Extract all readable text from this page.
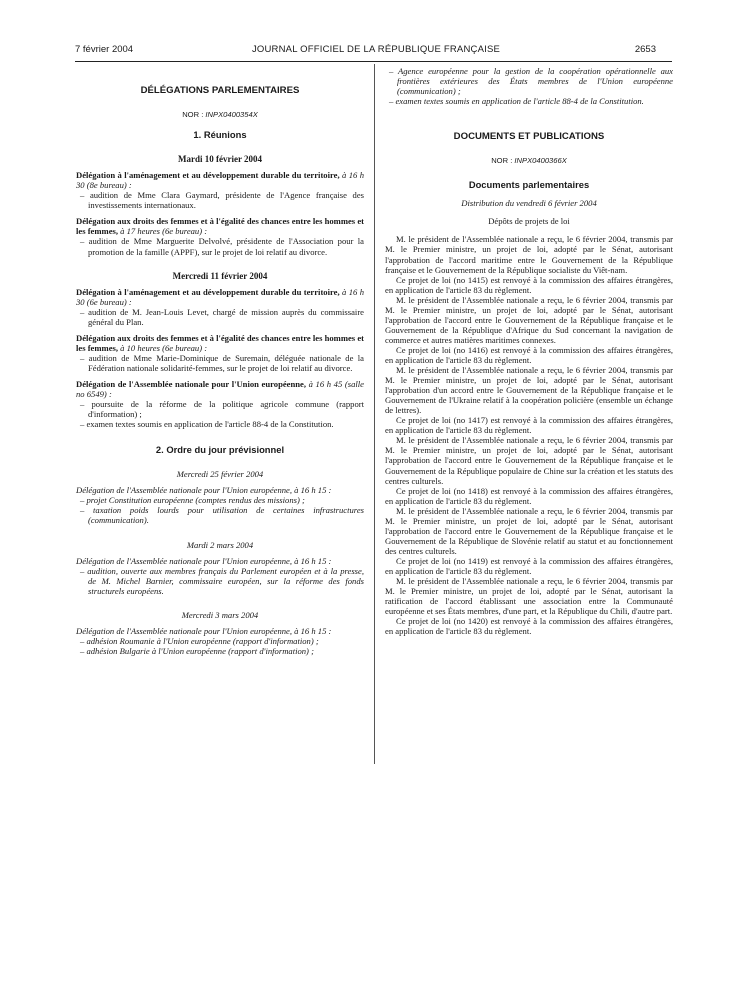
7 février 2004	JOURNAL OFFICIEL DE LA RÉPUBLIQUE FRANÇAISE	2653
DÉLÉGATIONS PARLEMENTAIRES
NOR : INPX0400354X
1. Réunions
Mardi 10 février 2004
Délégation à l'aménagement et au développement durable du territoire, à 16 h 30 (8e bureau) :
– audition de Mme Clara Gaymard, présidente de l'Agence française des investissements internationaux.
Délégation aux droits des femmes et à l'égalité des chances entre les hommes et les femmes, à 17 heures (6e bureau) :
– audition de Mme Marguerite Delvolvé, présidente de l'Association pour la promotion de la famille (APPF), sur le projet de loi relatif au divorce.
Mercredi 11 février 2004
Délégation à l'aménagement et au développement durable du territoire, à 16 h 30 (6e bureau) :
– audition de M. Jean-Louis Levet, chargé de mission auprès du commissaire général du Plan.
Délégation aux droits des femmes et à l'égalité des chances entre les hommes et les femmes, à 10 heures (6e bureau) :
– audition de Mme Marie-Dominique de Suremain, déléguée nationale de la Fédération nationale solidarité-femmes, sur le projet de loi relatif au divorce.
Délégation de l'Assemblée nationale pour l'Union européenne, à 16 h 45 (salle no 6549) :
– poursuite de la réforme de la politique agricole commune (rapport d'information) ;
– examen textes soumis en application de l'article 88-4 de la Constitution.
2. Ordre du jour prévisionnel
Mercredi 25 février 2004
Délégation de l'Assemblée nationale pour l'Union européenne, à 16 h 15 :
– projet Constitution européenne (comptes rendus des missions) ;
– taxation poids lourds pour utilisation de certaines infrastructures (communication).
Mardi 2 mars 2004
Délégation de l'Assemblée nationale pour l'Union européenne, à 16 h 15 :
– audition, ouverte aux membres français du Parlement européen et à la presse, de M. Michel Barnier, commissaire européen, sur la réforme des fonds structurels européens.
Mercredi 3 mars 2004
Délégation de l'Assemblée nationale pour l'Union européenne, à 16 h 15 :
– adhésion Roumanie à l'Union européenne (rapport d'information) ;
– adhésion Bulgarie à l'Union européenne (rapport d'information) ;
– Agence européenne pour la gestion de la coopération opérationnelle aux frontières extérieures des États membres de l'Union européenne (communication) ;
– examen textes soumis en application de l'article 88-4 de la Constitution.
DOCUMENTS ET PUBLICATIONS
NOR : INPX0400366X
Documents parlementaires
Distribution du vendredi 6 février 2004
Dépôts de projets de loi
M. le président de l'Assemblée nationale a reçu, le 6 février 2004, transmis par M. le Premier ministre, un projet de loi, adopté par le Sénat, autorisant l'approbation de l'accord maritime entre le Gouvernement de la République française et le Gouvernement de la République socialiste du Viêt-nam.
Ce projet de loi (no 1415) est renvoyé à la commission des affaires étrangères, en application de l'article 83 du règlement.
M. le président de l'Assemblée nationale a reçu, le 6 février 2004, transmis par M. le Premier ministre, un projet de loi, adopté par le Sénat, autorisant l'approbation de l'accord entre le Gouvernement de la République française et le Gouvernement de la République d'Afrique du Sud concernant la navigation de commerce et autres matières maritimes connexes.
Ce projet de loi (no 1416) est renvoyé à la commission des affaires étrangères, en application de l'article 83 du règlement.
M. le président de l'Assemblée nationale a reçu, le 6 février 2004, transmis par M. le Premier ministre, un projet de loi, adopté par le Sénat, autorisant l'approbation d'un accord entre le Gouvernement de la République française et le Gouvernement de l'Ukraine relatif à la coopération policière (ensemble un échange de lettres).
Ce projet de loi (no 1417) est renvoyé à la commission des affaires étrangères, en application de l'article 83 du règlement.
M. le président de l'Assemblée nationale a reçu, le 6 février 2004, transmis par M. le Premier ministre, un projet de loi, adopté par le Sénat, autorisant l'approbation de l'accord entre le Gouvernement de la République française et le Gouvernement de la République populaire de Chine sur la création et les statuts des centres culturels.
Ce projet de loi (no 1418) est renvoyé à la commission des affaires étrangères, en application de l'article 83 du règlement.
M. le président de l'Assemblée nationale a reçu, le 6 février 2004, transmis par M. le Premier ministre, un projet de loi, adopté par le Sénat, autorisant l'approbation de l'accord entre le Gouvernement de la République française et le Gouvernement de la République de Slovénie relatif au statut et au fonctionnement des centres culturels.
Ce projet de loi (no 1419) est renvoyé à la commission des affaires étrangères, en application de l'article 83 du règlement.
M. le président de l'Assemblée nationale a reçu, le 6 février 2004, transmis par M. le Premier ministre, un projet de loi, adopté par le Sénat, autorisant la ratification de l'accord établissant une association entre la Communauté européenne et ses États membres, d'une part, et la République du Chili, d'autre part.
Ce projet de loi (no 1420) est renvoyé à la commission des affaires étrangères, en application de l'article 83 du règlement.
